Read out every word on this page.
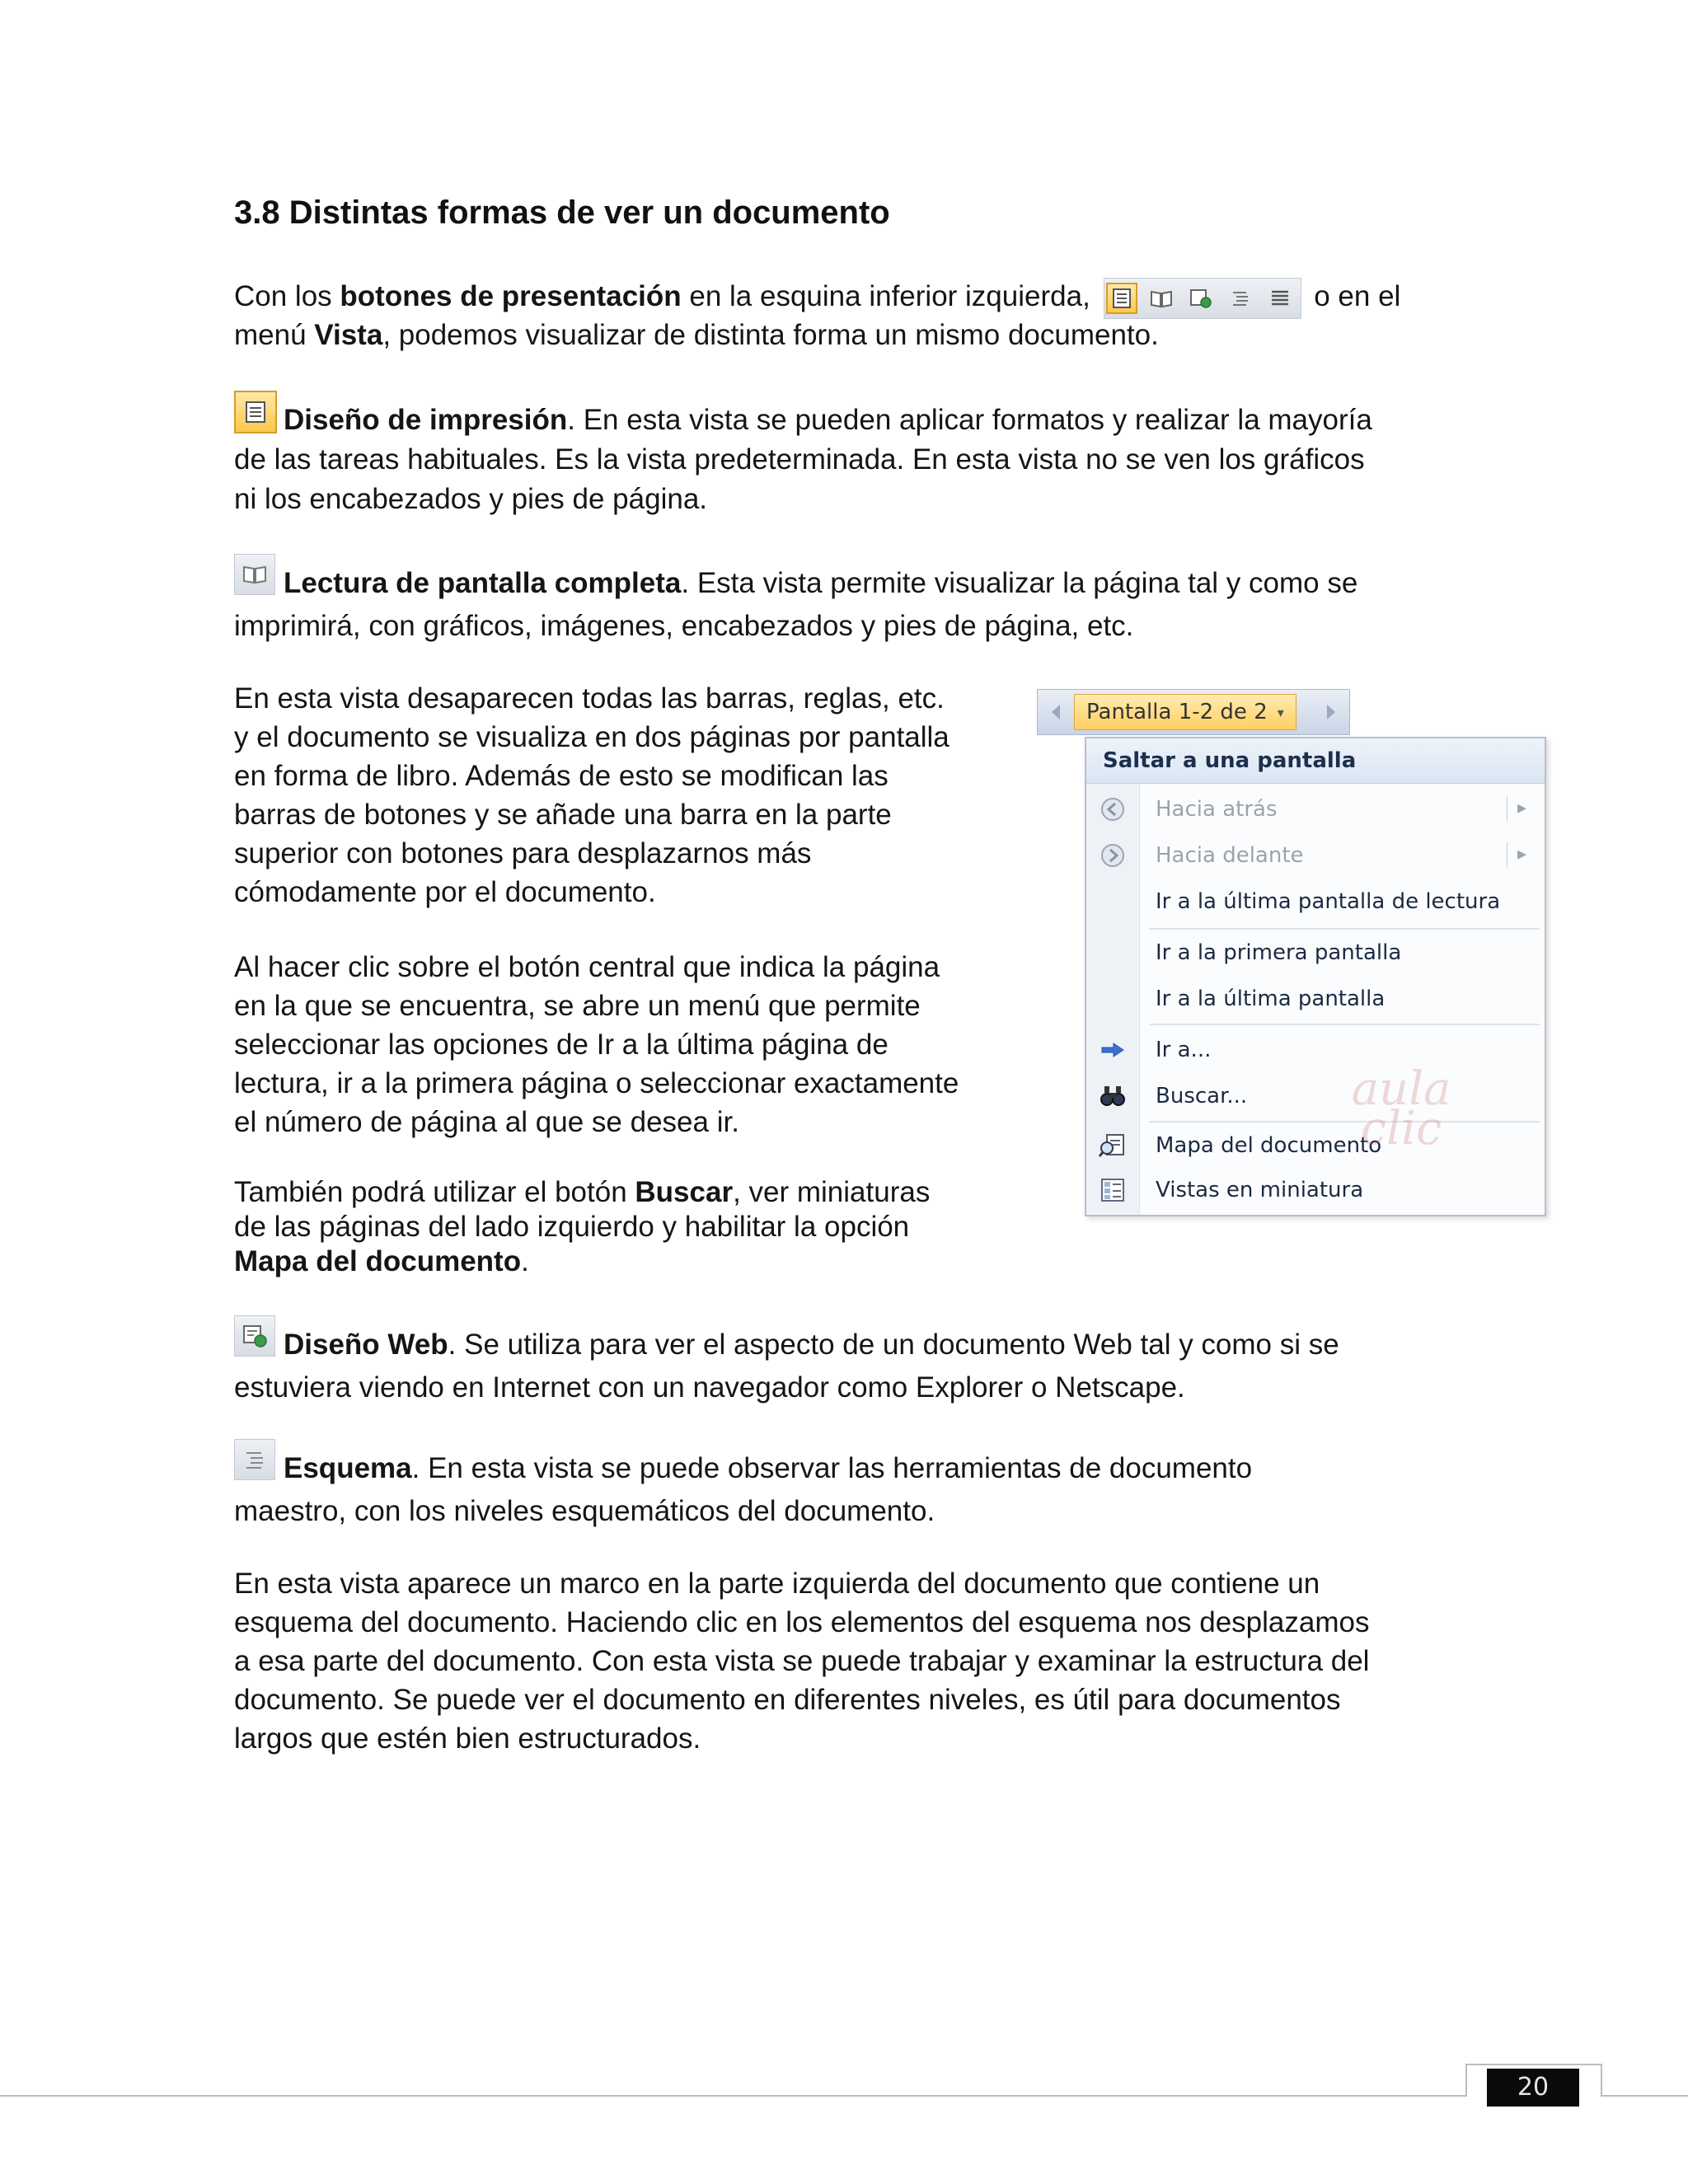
3.8 Distintas formas de ver un documento
Con los botones de presentación en la esquina inferior izquierda,	o en el
menú Vista, podemos visualizar de distinta forma un mismo documento.
Diseño de impresión. En esta vista se pueden aplicar formatos y realizar la mayoría
de las tareas habituales. Es la vista predeterminada. En esta vista no se ven los gráficos
ni los encabezados y pies de página.
Lectura de pantalla completa. Esta vista permite visualizar la página tal y como se
imprimirá, con gráficos, imágenes, encabezados y pies de página, etc.
En esta vista desaparecen todas las barras, reglas, etc.
y el documento se visualiza en dos páginas por pantalla
en forma de libro. Además de esto se modifican las
barras de botones y se añade una barra en la parte
superior con botones para desplazarnos más
cómodamente por el documento.
Al hacer clic sobre el botón central que indica la página
en la que se encuentra, se abre un menú que permite
seleccionar las opciones de Ir a la última página de
lectura, ir a la primera página o seleccionar exactamente
el número de página al que se desea ir.
También podrá utilizar el botón Buscar, ver miniaturas
de las páginas del lado izquierdo y habilitar la opción
Mapa del documento.
Pantalla 1-2 de 2 ▾
Saltar a una pantalla
Hacia atrás	▸
Hacia delante	▸
Ir a la última pantalla de lectura
Ir a la primera pantalla
Ir a la última pantalla
Ir a...
Buscar...
Mapa del documento
Vistas en miniatura
aula clic
Diseño Web. Se utiliza para ver el aspecto de un documento Web tal y como si se
estuviera viendo en Internet con un navegador como Explorer o Netscape.
Esquema. En esta vista se puede observar las herramientas de documento
maestro, con los niveles esquemáticos del documento.
En esta vista aparece un marco en la parte izquierda del documento que contiene un
esquema del documento. Haciendo clic en los elementos del esquema nos desplazamos
a esa parte del documento. Con esta vista se puede trabajar y examinar la estructura del
documento. Se puede ver el documento en diferentes niveles, es útil para documentos
largos que estén bien estructurados.
20
